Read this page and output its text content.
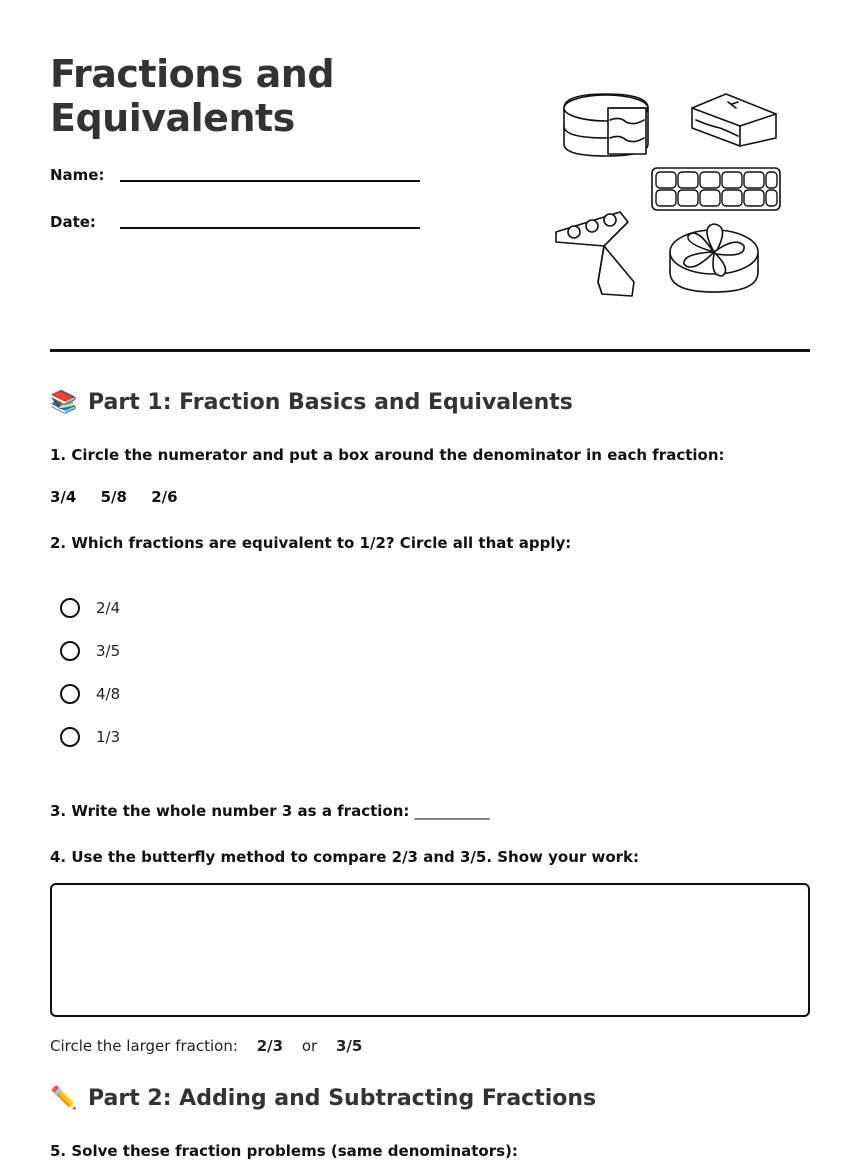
Fractions and
Equivalents
Name:
Date:
📚 Part 1: Fraction Basics and Equivalents

1. Circle the numerator and put a box around the denominator in each fraction:

3/4 5/8 2/6

2. Which fractions are equivalent to 1/2? Circle all that apply:

2/4
3/5
4/8
1/3

3. Write the whole number 3 as a fraction: __________

4. Use the butterfly method to compare 2/3 and 3/5. Show your work:

Circle the larger fraction: 2/3 or 3/5
✏️ Part 2: Adding and Subtracting Fractions

5. Solve these fraction problems (same denominators):
